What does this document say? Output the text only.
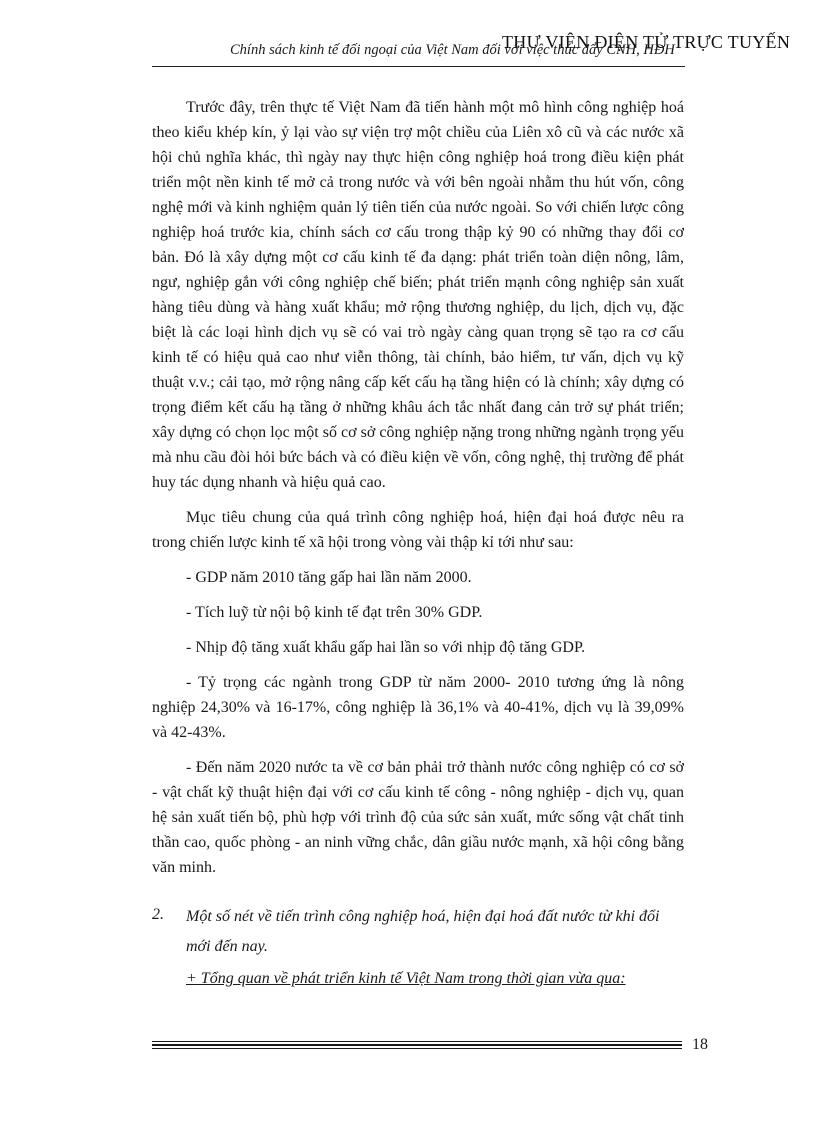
Chính sách kinh tế đối ngoại của Việt Nam đối với việc thúc đẩy CNH, HĐH
THƯ VIỆN ĐIỆN TỬ TRỰC TUYẾN

Trước đây, trên thực tế Việt Nam đã tiến hành một mô hình công nghiệp hoá theo kiểu khép kín, ỷ lại vào sự viện trợ một chiều của Liên xô cũ và các nước xã hội chủ nghĩa khác, thì ngày nay thực hiện công nghiệp hoá trong điều kiện phát triển một nền kinh tế mở cả trong nước và với bên ngoài nhằm thu hút vốn, công nghệ mới và kinh nghiệm quản lý tiên tiến của nước ngoài. So với chiến lược công nghiệp hoá trước kia, chính sách cơ cấu trong thập kỷ 90 có những thay đổi cơ bản. Đó là xây dựng một cơ cấu kinh tế đa dạng: phát triển toàn diện nông, lâm, ngư, nghiệp gắn với công nghiệp chế biến; phát triển mạnh công nghiệp sản xuất hàng tiêu dùng và hàng xuất khẩu; mở rộng thương nghiệp, du lịch, dịch vụ, đặc biệt là các loại hình dịch vụ sẽ có vai trò ngày càng quan trọng sẽ tạo ra cơ cấu kinh tế có hiệu quả cao như viễn thông, tài chính, bảo hiểm, tư vấn, dịch vụ kỹ thuật v.v.; cải tạo, mở rộng nâng cấp kết cấu hạ tầng hiện có là chính; xây dựng có trọng điểm kết cấu hạ tầng ở những khâu ách tắc nhất đang cản trở sự phát triển; xây dựng có chọn lọc một số cơ sở công nghiệp nặng trong những ngành trọng yếu mà nhu cầu đòi hỏi bức bách và có điều kiện về vốn, công nghệ, thị trường để phát huy tác dụng nhanh và hiệu quả cao.

Mục tiêu chung của quá trình công nghiệp hoá, hiện đại hoá được nêu ra trong chiến lược kinh tế xã hội trong vòng vài thập kỉ tới như sau:

- GDP năm 2010 tăng gấp hai lần năm 2000.

- Tích luỹ từ nội bộ kinh tế đạt trên 30% GDP.

- Nhịp độ tăng xuất khẩu gấp hai lần so với nhịp độ tăng GDP.

- Tỷ trọng các ngành trong GDP từ năm 2000- 2010 tương ứng là nông nghiệp 24,30% và 16-17%, công nghiệp là 36,1% và 40-41%, dịch vụ là 39,09% và 42-43%.

- Đến năm 2020 nước ta về cơ bản phải trở thành nước công nghiệp có cơ sở - vật chất kỹ thuật hiện đại với cơ cấu kinh tế công - nông nghiệp - dịch vụ, quan hệ sản xuất tiến bộ, phù hợp với trình độ của sức sản xuất, mức sống vật chất tinh thần cao, quốc phòng - an ninh vững chắc, dân giầu nước mạnh, xã hội công bằng văn minh.

2.	Một số nét về tiến trình công nghiệp hoá, hiện đại hoá đất nước từ khi đổi mới đến nay.
+ Tổng quan về phát triển kinh tế Việt Nam trong thời gian vừa qua:
18
